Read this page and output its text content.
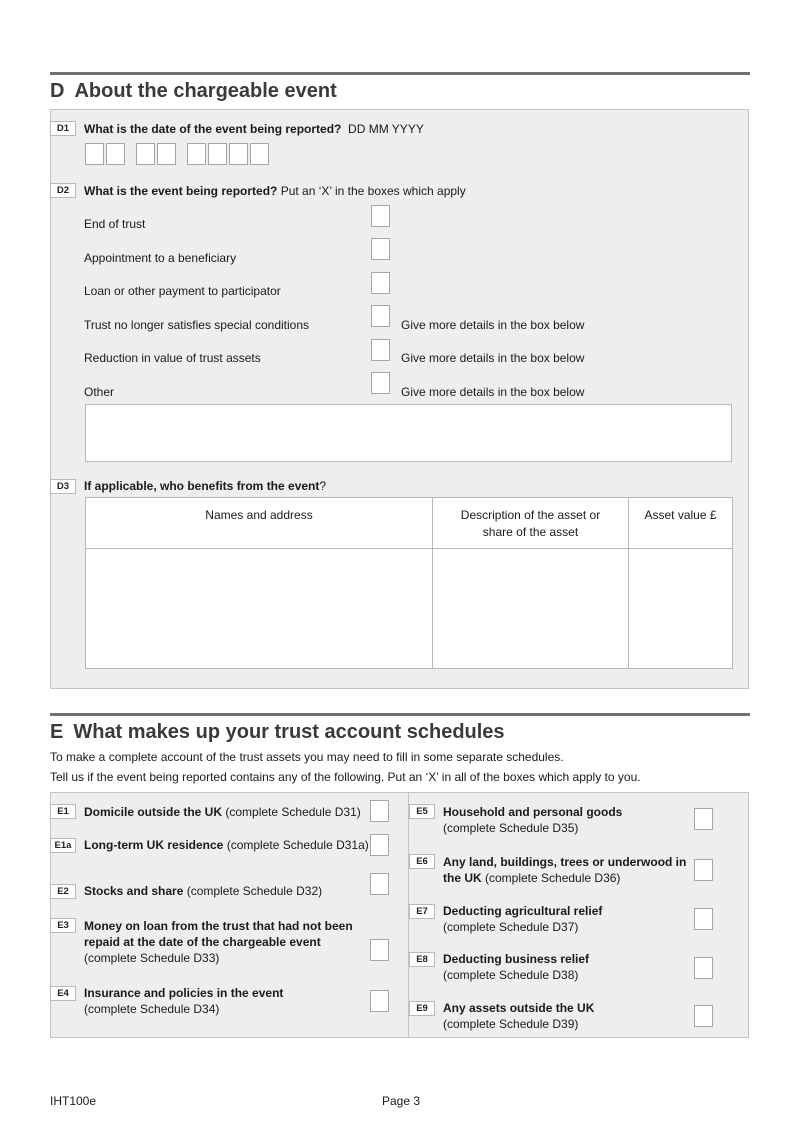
D About the chargeable event
D1	What is the date of the event being reported? DD MM YYYY
D2	What is the event being reported? Put an ‘X’ in the boxes which apply
End of trust
Appointment to a beneficiary
Loan or other payment to participator
Trust no longer satisfies special conditions	Give more details in the box below
Reduction in value of trust assets	Give more details in the box below
Other	Give more details in the box below
D3	If applicable, who benefits from the event?
Names and address	Description of the asset or share of the asset	Asset value £

E What makes up your trust account schedules
To make a complete account of the trust assets you may need to fill in some separate schedules.
Tell us if the event being reported contains any of the following. Put an ‘X’ in all of the boxes which apply to you.
E1	Domicile outside the UK (complete Schedule D31)
E1a	Long-term UK residence (complete Schedule D31a)
E2	Stocks and share (complete Schedule D32)
E3	Money on loan from the trust that had not been
repaid at the date of the chargeable event
(complete Schedule D33)
E4	Insurance and policies in the event
(complete Schedule D34)
E5	Household and personal goods
(complete Schedule D35)
E6	Any land, buildings, trees or underwood in
the UK (complete Schedule D36)
E7	Deducting agricultural relief
(complete Schedule D37)
E8	Deducting business relief
(complete Schedule D38)
E9	Any assets outside the UK
(complete Schedule D39)
IHT100e	Page 3
